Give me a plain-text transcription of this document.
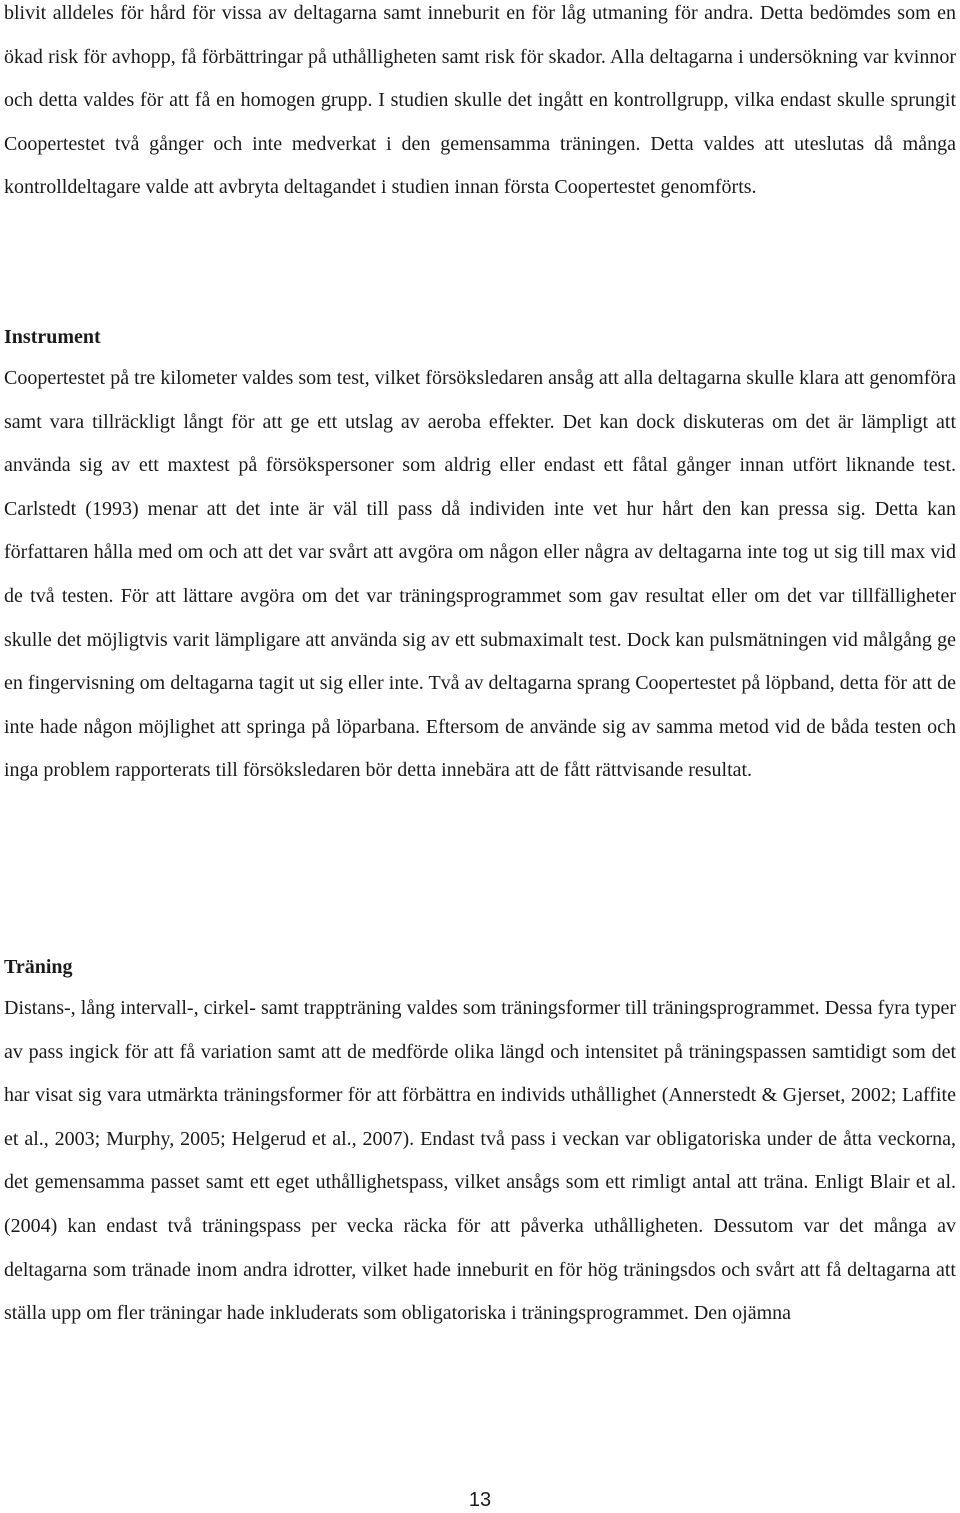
blivit alldeles för hård för vissa av deltagarna samt inneburit en för låg utmaning för andra. Detta bedömdes som en ökad risk för avhopp, få förbättringar på uthålligheten samt risk för skador. Alla deltagarna i undersökning var kvinnor och detta valdes för att få en homogen grupp. I studien skulle det ingått en kontrollgrupp, vilka endast skulle sprungit Coopertestet två gånger och inte medverkat i den gemensamma träningen. Detta valdes att uteslutas då många kontrolldeltagare valde att avbryta deltagandet i studien innan första Coopertestet genomförts.

Instrument

Coopertestet på tre kilometer valdes som test, vilket försöksledaren ansåg att alla deltagarna skulle klara att genomföra samt vara tillräckligt långt för att ge ett utslag av aeroba effekter. Det kan dock diskuteras om det är lämpligt att använda sig av ett maxtest på försökspersoner som aldrig eller endast ett fåtal gånger innan utfört liknande test. Carlstedt (1993) menar att det inte är väl till pass då individen inte vet hur hårt den kan pressa sig. Detta kan författaren hålla med om och att det var svårt att avgöra om någon eller några av deltagarna inte tog ut sig till max vid de två testen. För att lättare avgöra om det var träningsprogrammet som gav resultat eller om det var tillfälligheter skulle det möjligtvis varit lämpligare att använda sig av ett submaximalt test. Dock kan pulsmätningen vid målgång ge en fingervisning om deltagarna tagit ut sig eller inte. Två av deltagarna sprang Coopertestet på löpband, detta för att de inte hade någon möjlighet att springa på löparbana. Eftersom de använde sig av samma metod vid de båda testen och inga problem rapporterats till försöksledaren bör detta innebära att de fått rättvisande resultat.

Träning

Distans-, lång intervall-, cirkel- samt trappträning valdes som träningsformer till träningsprogrammet. Dessa fyra typer av pass ingick för att få variation samt att de medförde olika längd och intensitet på träningspassen samtidigt som det har visat sig vara utmärkta träningsformer för att förbättra en individs uthållighet (Annerstedt & Gjerset, 2002; Laffite et al., 2003; Murphy, 2005; Helgerud et al., 2007). Endast två pass i veckan var obligatoriska under de åtta veckorna, det gemensamma passet samt ett eget uthållighetspass, vilket ansågs som ett rimligt antal att träna. Enligt Blair et al. (2004) kan endast två träningspass per vecka räcka för att påverka uthålligheten. Dessutom var det många av deltagarna som tränade inom andra idrotter, vilket hade inneburit en för hög träningsdos och svårt att få deltagarna att ställa upp om fler träningar hade inkluderats som obligatoriska i träningsprogrammet. Den ojämna

13
